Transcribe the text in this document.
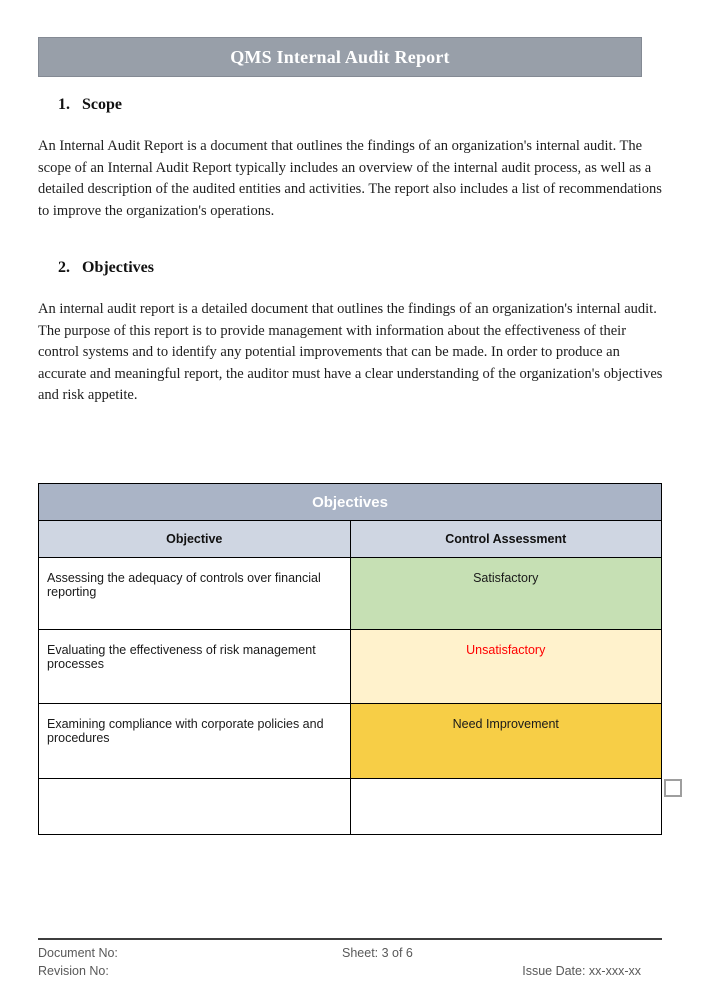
QMS Internal Audit Report
1. Scope

An Internal Audit Report is a document that outlines the findings of an organization's internal audit. The scope of an Internal Audit Report typically includes an overview of the internal audit process, as well as a detailed description of the audited entities and activities. The report also includes a list of recommendations to improve the organization's operations.

2. Objectives

An internal audit report is a detailed document that outlines the findings of an organization's internal audit. The purpose of this report is to provide management with information about the effectiveness of their control systems and to identify any potential improvements that can be made. In order to produce an accurate and meaningful report, the auditor must have a clear understanding of the organization's objectives and risk appetite.

Objectives	
Objective	Control Assessment
Assessing the adequacy of controls over financial reporting	Satisfactory
Evaluating the effectiveness of risk management processes	Unsatisfactory
Examining compliance with corporate policies and procedures	Need Improvement

Document No:	Sheet: 3 of 6
Revision No:	Issue Date: xx-xxx-xx
